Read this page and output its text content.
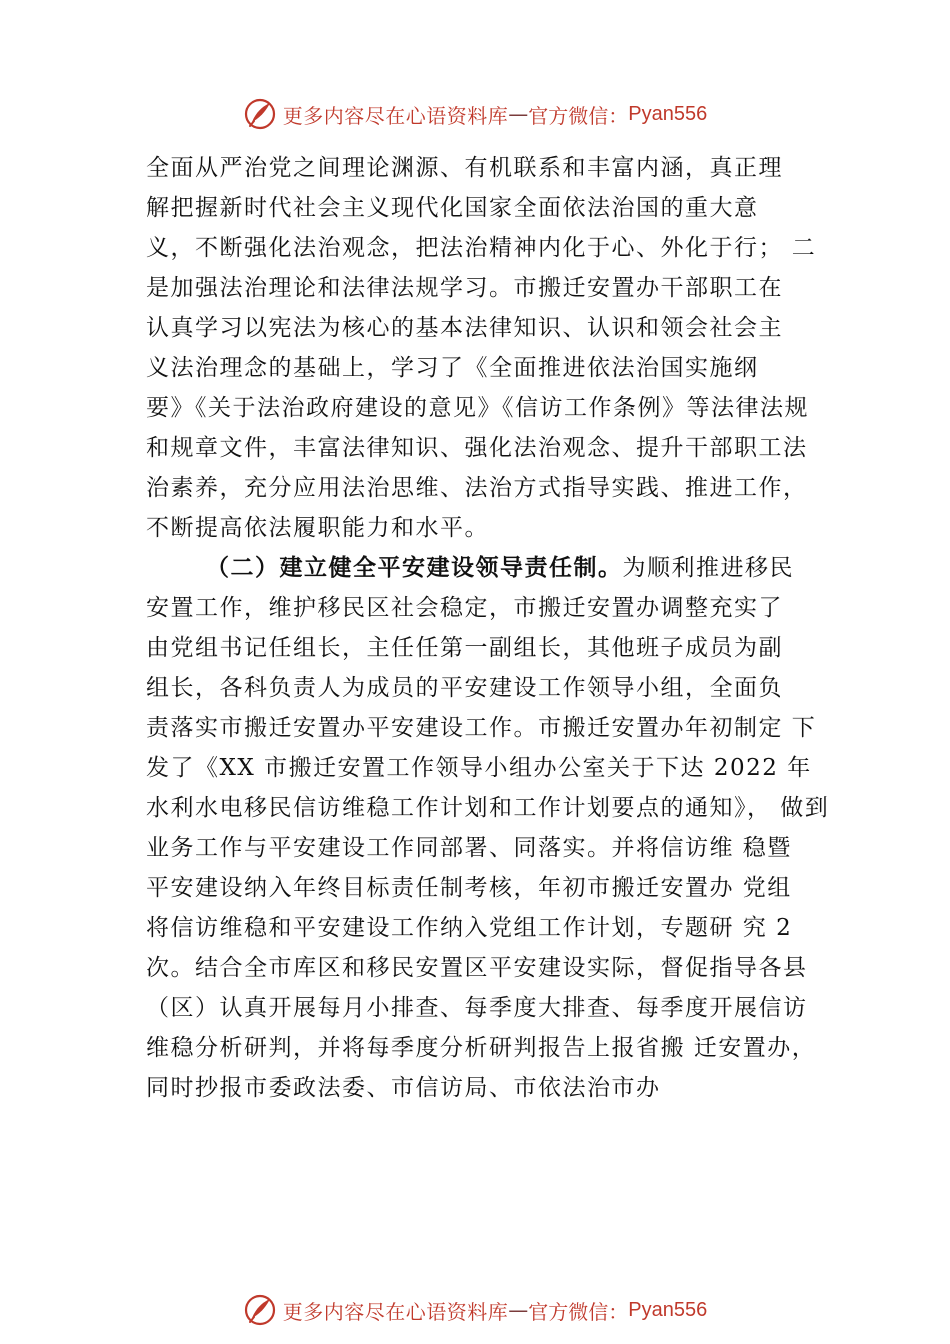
更多内容尽在心语资料库 — 官方微信： Pyan556
全面从严治党之间理论渊源、有机联系和丰富内涵，真正理
解把握新时代社会主义现代化国家全面依法治国的重大意
义，不断强化法治观念，把法治精神内化于心、外化于行； 二
是加强法治理论和法律法规学习。市搬迁安置办干部职工在
认真学习以宪法为核心的基本法律知识、认识和领会社会主
义法治理念的基础上，学习了《全面推进依法治国实施纲
要》《关于法治政府建设的意见》《信访工作条例》等法律法规
和规章文件，丰富法律知识、强化法治观念、提升干部职工法
治素养，充分应用法治思维、法治方式指导实践、推进工作，
不断提高依法履职能力和水平。
（二）建立健全平安建设领导责任制。为顺利推进移民
安置工作，维护移民区社会稳定，市搬迁安置办调整充实了
由党组书记任组长，主任任第一副组长，其他班子成员为副
组长，各科负责人为成员的平安建设工作领导小组，全面负
责落实市搬迁安置办平安建设工作。市搬迁安置办年初制定 下
发了《XX 市搬迁安置工作领导小组办公室关于下达 2022 年
水利水电移民信访维稳工作计划和工作计划要点的通知》， 做到
业务工作与平安建设工作同部署、同落实。并将信访维 稳暨
平安建设纳入年终目标责任制考核，年初市搬迁安置办 党组
将信访维稳和平安建设工作纳入党组工作计划，专题研 究 2
次。结合全市库区和移民安置区平安建设实际，督促指导各县
（区）认真开展每月小排查、每季度大排查、每季度开展信访
维稳分析研判，并将每季度分析研判报告上报省搬 迁安置办，
同时抄报市委政法委、市信访局、市依法治市办
更多内容尽在心语资料库 — 官方微信： Pyan556
